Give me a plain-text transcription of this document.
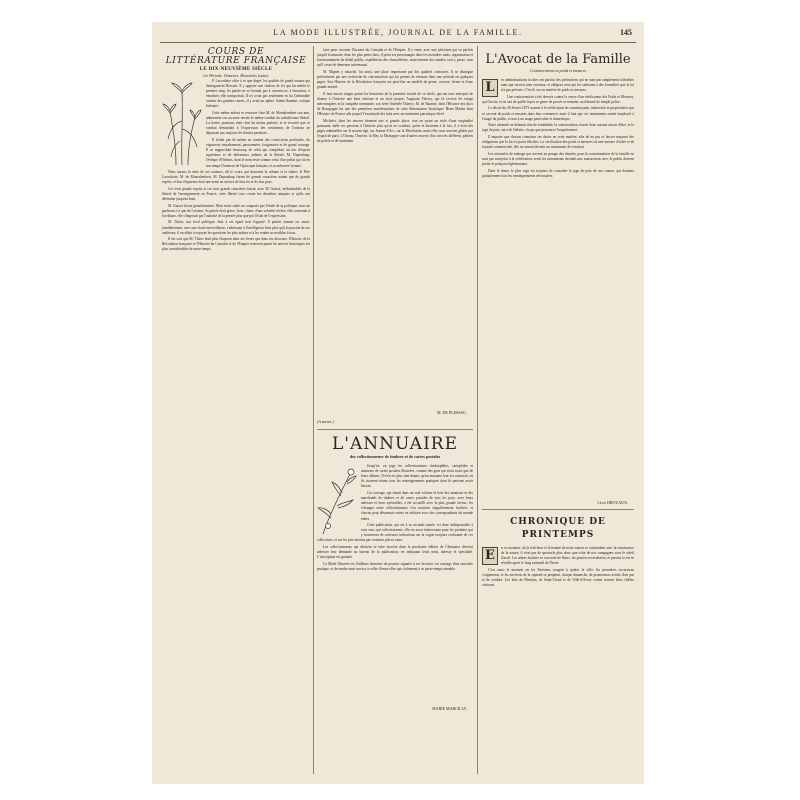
LA MODE ILLUSTRÉE, JOURNAL DE LA FAMILLE.	145
COURS DE
LITTÉRATURE FRANÇAISE
LE DIX-NEUVIÈME SIÈCLE
1re Période. Orateurs. Historiens (suite).

P. Lacordaire offre à ce que degré, les qualités de grand orateur qui distinguaient Bossuet. Il y apporte une chaleur de foi qui lui mérite le premier rang. Sa parole ne se bornait pas à convaincre, à émouvoir, à entraîner; elle transportait. Il n'y avait pas seulement en lui l'admirable orateur des grandes causes, il y avait un apôtre. Sainte flamme, critique littéraire.

Cette même ardeur se retrouve chez M. de Montalembert son ami, admirateur sur un autre terrain le même combat du catholicisme libéral. La forme, pourtant, était chez lui moins parfaite, et le vivacité que ce combat demandait à l'expression des sentiments de l'orateur ne dépassait pas toujours les limites permises.

Il n'était pas de même au combat des convictions profondes, du vigoureux entraînement, passionnées, fougueuses et de grand courage. Il se rapprochait beaucoup de celui qui complétait un trio d'esprits supérieurs et de défenseurs ardents de la liberté, M. Dupanloup, l'évêque d'Orléans, dont le nom reste comme celui d'un prélat qui fut en son temps l'honneur de l'épiscopat français, et sa mémoire vivante.

Nous aurons la suite de ces orateurs, dit le cours, qui honorent la tribune et la chaire; le Père Lacordaire, M. de Montalembert, M. Dupanloup furent de grands caractères autant que de grands esprits, et leur éloquence était une arme au service de leur foi et de leur pays.

Ces trois grands esprits et ces trois grands caractères furent, avec M. Guizot, inébranlables de la liberté de l'enseignement en France, cette liberté crue contre les dernières attaques et qu'ils ont défendue jusqu'au bout.

M. Guizot fut un grand ministre. Mais notre cadre ne comporte pas l'étude de sa politique; nous ne parlerons ici que de l'orateur. Sa parole était grave, forte, claire, d'une sobriété sévère; elle convenait à la tribune, elle s'imposait par l'autorité de la pensée plus que par l'éclat de l'expression.

M. Thiers, son rival politique, était à cet égard tout l'opposé. Il parlait comme on cause, familièrement, avec une clarté merveilleuse, s'adressant à l'intelligence bien plus qu'à la passion de ses auditeurs; il excellait à exposer les questions les plus ardues et à les rendre accessibles à tous.

Il est vrai que M. Thiers était plus éloquent dans ses livres que dans ses discours; l'Histoire de la Révolution française et l'Histoire du Consulat et de l'Empire resteront parmi les œuvres historiques les plus considérables de notre temps.

faire pour raconter l'histoire du Consulat et de l'Empire. Il y entre, avec une précision qui va parfois jusqu'à la minutie, dans les plus petits faits; il peint ses personnages dans les moindres traits, organisation et fonctionnement du détail public, expéditions des chancelleries, mouvements des armées, tout y passe, sans qu'il cesse de demeurer intéressant.

M. Mignet y rattache, lui aussi, une place importante par des qualités contraires. Il se distingue précisément par une recherche de concentration qui lui permet de résumer dans une période en quelques pages. Son Histoire de la Révolution française est peut-être un modèle du genre, concise, ferme et d'une grande netteté.

Il faut encore ranger parmi les historiens de la première moitié de ce siècle, qui ont tous entrepris de donner à l'histoire une base sérieuse et un style propre, Augustin Thierry, qui fit revivre les temps mérovingiens et la conquête normande; son frère Amédée Thierry; M. de Barante, dont l'Histoire des ducs de Bourgogne fut une des premières manifestations de cette Renaissance historique; Henri Martin dont l'Histoire de France alla jusqu'à l'exactitude des faits avec un sentiment patriotique élevé.

Michelet, dont les œuvres tiennent une si grande place, tout en ayant un style d'une originalité puissante, mêle ses passions à l'histoire plus qu'on ne voudrait; poète et historien à la fois, il a écrit des pages admirables sur le moyen âge, sur Jeanne d'Arc, sur la Révolution, mais elles sont souvent gâtées par l'esprit de parti. L'Oiseau, l'Insecte, la Mer, la Montagne sont d'autres œuvres d'un ton très différent, pleines de poésie et de sentiment.

M. DE PLESSAC.
(A suivre.)
L'ANNUAIRE
des collectionneurs de timbres et de cartes postales

Jusqu'ici, on juge les collectionneurs, timbrophiles, cartophiles et amateurs de cartes postales illustrées, comme des gens qui n'ont souci que de leurs albums. Il n'en est plus rien depuis qu'un annuaire leur est consacré, où ils trouvent réunis tous les renseignements pratiques dont ils peuvent avoir besoin.

Cet ouvrage, qui réunit dans un seul volume la liste des amateurs et des marchands de timbres et de cartes postales de tous les pays, avec leurs adresses et leurs spécialités, a été accueilli avec la plus grande faveur; les échanges entre collectionneurs s'en trouvent singulièrement facilités, et chacun peut désormais entrer en relation avec des correspondants du monde entier.

Cette publication, qui est à sa seconde année, est donc indispensable à tous ceux qui collectionnent; elle est aussi intéressante pour les profanes qui y trouveront de curieuses indications sur la vogue toujours croissante de ces collections, et sur les prix atteints par certaines pièces rares.

Les collectionneurs qui désirent se faire inscrire dans la prochaine édition de l'Annuaire devront adresser leur demande au bureau de la publication, en indiquant leurs nom, adresse et spécialité. L'inscription est gratuite.

La Mode Illustrée est d'ailleurs heureuse de pouvoir signaler à ses lectrices cet ouvrage d'un caractère pratique, et de rendre ainsi service à celles d'entre elles qui s'adonnent à ce passe-temps aimable.

MARIE MARCILLY.
L'Avocat de la Famille
Contraventions et poids et mesures
L	es administrations locales ont parfois des prétentions qui ne sont pas simplement tolérables mais qui servent sans vexation, et obligent ceux qui les subissent à des formalités que la loi n'a pas prévues. C'est le cas en matière de poids et mesures.

Une contravention a été dressée contre la veuve d'un vérificateur des Poids et Mesures, qui l'invite, et on sait de quelle façon ce genre de procès se termine, au tribunal de simple police.

Le décret du 26 février 1873 soumet à la vérification les commerçants, industriels et propriétaires qui se servent de poids et mesures dans leur commerce; mais il faut que ces instruments soient employés à l'usage du public, et non à un usage particulier et domestique.

Notre abonnée ne détenait rien de semblable; la contravention n'avait donc aucune raison d'être, et le juge de paix, saisi de l'affaire, n'a pu que prononcer l'acquittement.

Il importe que chacun connaisse ses droits en cette matière, afin de ne pas se laisser imposer des obligations que la loi n'a point édictées. La vérification des poids et mesures est une mesure d'ordre et de loyauté commerciale, elle ne saurait devenir un instrument de vexation.

Les ustensiles de ménage qui servent au pesage des denrées pour la consommation de la famille ne sont pas assujettis à la vérification; seuls les instruments destinés aux transactions avec le public doivent porter le poinçon réglementaire.

Dans le doute, le plus sage est toujours de consulter le juge de paix de son canton, qui donnera gratuitement tous les renseignements nécessaires.

Léon DROUAUX.
CHRONIQUE DE PRINTEMPS
E	n ce moment, où la fraîcheur et la beauté de notre saison se confondent avec la renaissance de la nature, il n'est pas de spectacle plus doux que celui de nos campagnes sous le soleil d'avril. Les arbres fruitiers se couvrent de fleurs, les prairies reverdissent, et partout la vie se réveille après le long sommeil de l'hiver.

C'est aussi le moment où les Parisiens songent à quitter la ville; les premières excursions s'organisent, et les environs de la capitale se peuplent, chaque dimanche, de promeneurs avides d'air pur et de verdure. Les bois de Meudon, de Saint-Cloud et de Ville-d'Avray voient revenir leurs fidèles visiteurs.
